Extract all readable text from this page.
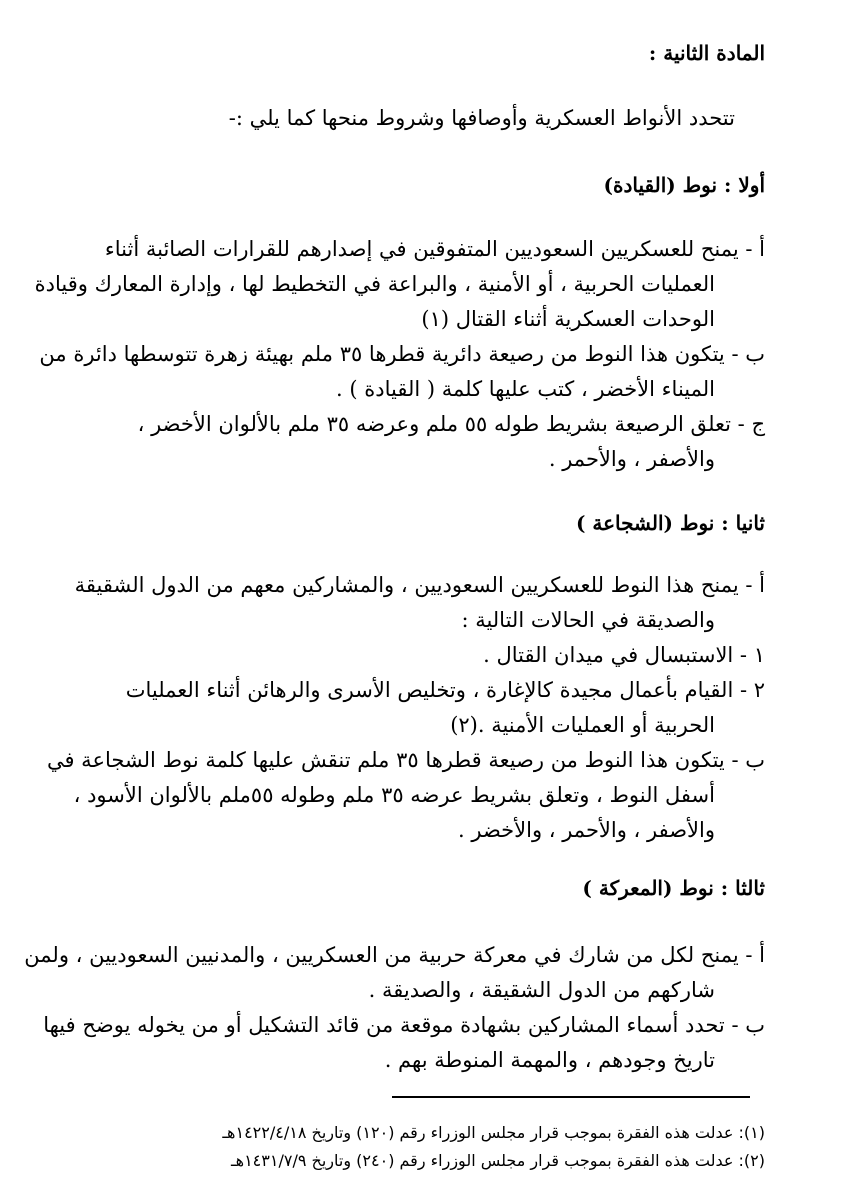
المادة الثانية :
تتحدد الأنواط العسكرية وأوصافها وشروط منحها كما يلي :-
أولا : نوط (القيادة)
أ - يمنح للعسكريين السعوديين المتفوقين في إصدارهم للقرارات الصائبة أثناء
العمليات الحربية ، أو الأمنية ، والبراعة في التخطيط لها ، وإدارة المعارك وقيادة
الوحدات العسكرية أثناء القتال (١)
ب - يتكون هذا النوط من رصيعة دائرية قطرها ٣٥ ملم بهيئة زهرة تتوسطها دائرة من
الميناء الأخضر ، كتب عليها كلمة ( القيادة ) .
ج - تعلق الرصيعة بشريط طوله ٥٥ ملم وعرضه ٣٥ ملم بالألوان الأخضر ،
والأصفر ، والأحمر .
ثانيا : نوط (الشجاعة )
أ - يمنح هذا النوط للعسكريين السعوديين ، والمشاركين معهم من الدول الشقيقة
والصديقة في الحالات التالية :
١ - الاستبسال في ميدان القتال .
٢ - القيام بأعمال مجيدة كالإغارة ، وتخليص الأسرى والرهائن أثناء العمليات
الحربية أو العمليات الأمنية .(٢)
ب - يتكون هذا النوط من رصيعة قطرها ٣٥ ملم تنقش عليها كلمة نوط الشجاعة في
أسفل النوط ، وتعلق بشريط عرضه ٣٥ ملم وطوله ٥٥ملم بالألوان الأسود ،
والأصفر ، والأحمر ، والأخضر .
ثالثا : نوط (المعركة )
أ - يمنح لكل من شارك في معركة حربية من العسكريين ، والمدنيين السعوديين ، ولمن
شاركهم من الدول الشقيقة ، والصديقة .
ب - تحدد أسماء المشاركين بشهادة موقعة من قائد التشكيل أو من يخوله يوضح فيها
تاريخ وجودهم ، والمهمة المنوطة بهم .
(١): عدلت هذه الفقرة بموجب قرار مجلس الوزراء رقم (١٢٠) وتاريخ ١٤٢٢/٤/١٨هـ
(٢): عدلت هذه الفقرة بموجب قرار مجلس الوزراء رقم (٢٤٠) وتاريخ ١٤٣١/٧/٩هـ
